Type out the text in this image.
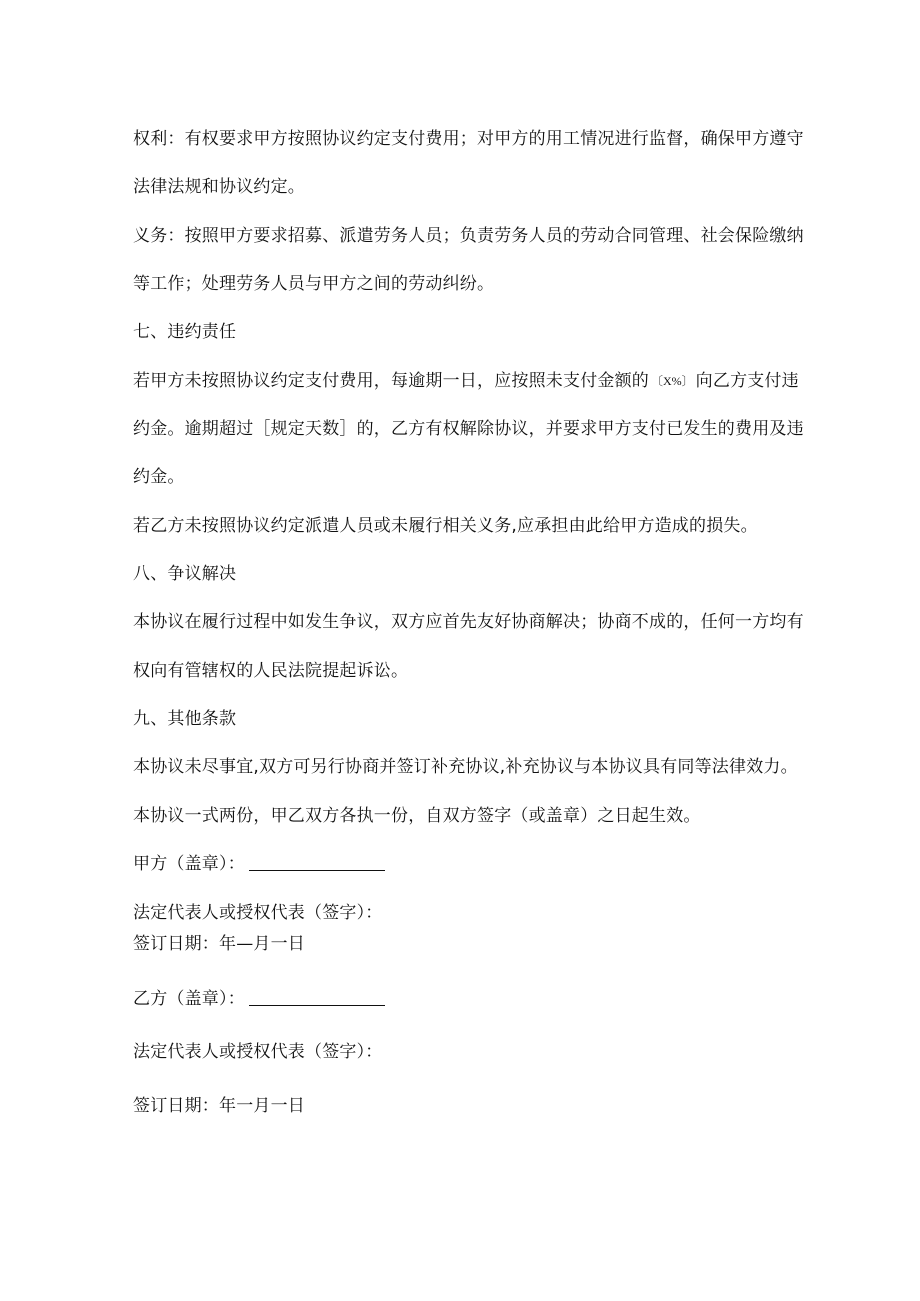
权利：有权要求甲方按照协议约定支付费用；对甲方的用工情况进行监督，确保甲方遵守
法律法规和协议约定。
义务：按照甲方要求招募、派遣劳务人员；负责劳务人员的劳动合同管理、社会保险缴纳
等工作；处理劳务人员与甲方之间的劳动纠纷。
七、违约责任
若甲方未按照协议约定支付费用，每逾期一日，应按照未支付金额的 〔X%〕 向乙方支付违
约金。逾期超过［规定天数］的，乙方有权解除协议，并要求甲方支付已发生的费用及违
约金。
若乙方未按照协议约定派遣人员或未履行相关义务,应承担由此给甲方造成的损失。
八、争议解决
本协议在履行过程中如发生争议，双方应首先友好协商解决；协商不成的，任何一方均有
权向有管辖权的人民法院提起诉讼。
九、其他条款
本协议未尽事宜,双方可另行协商并签订补充协议,补充协议与本协议具有同等法律效力。
本协议一式两份，甲乙双方各执一份，自双方签字（或盖章）之日起生效。
甲方（盖章）：
法定代表人或授权代表（签字）：
签订日期：年—月一日
乙方（盖章）：
法定代表人或授权代表（签字）：
签订日期：年一月一日
